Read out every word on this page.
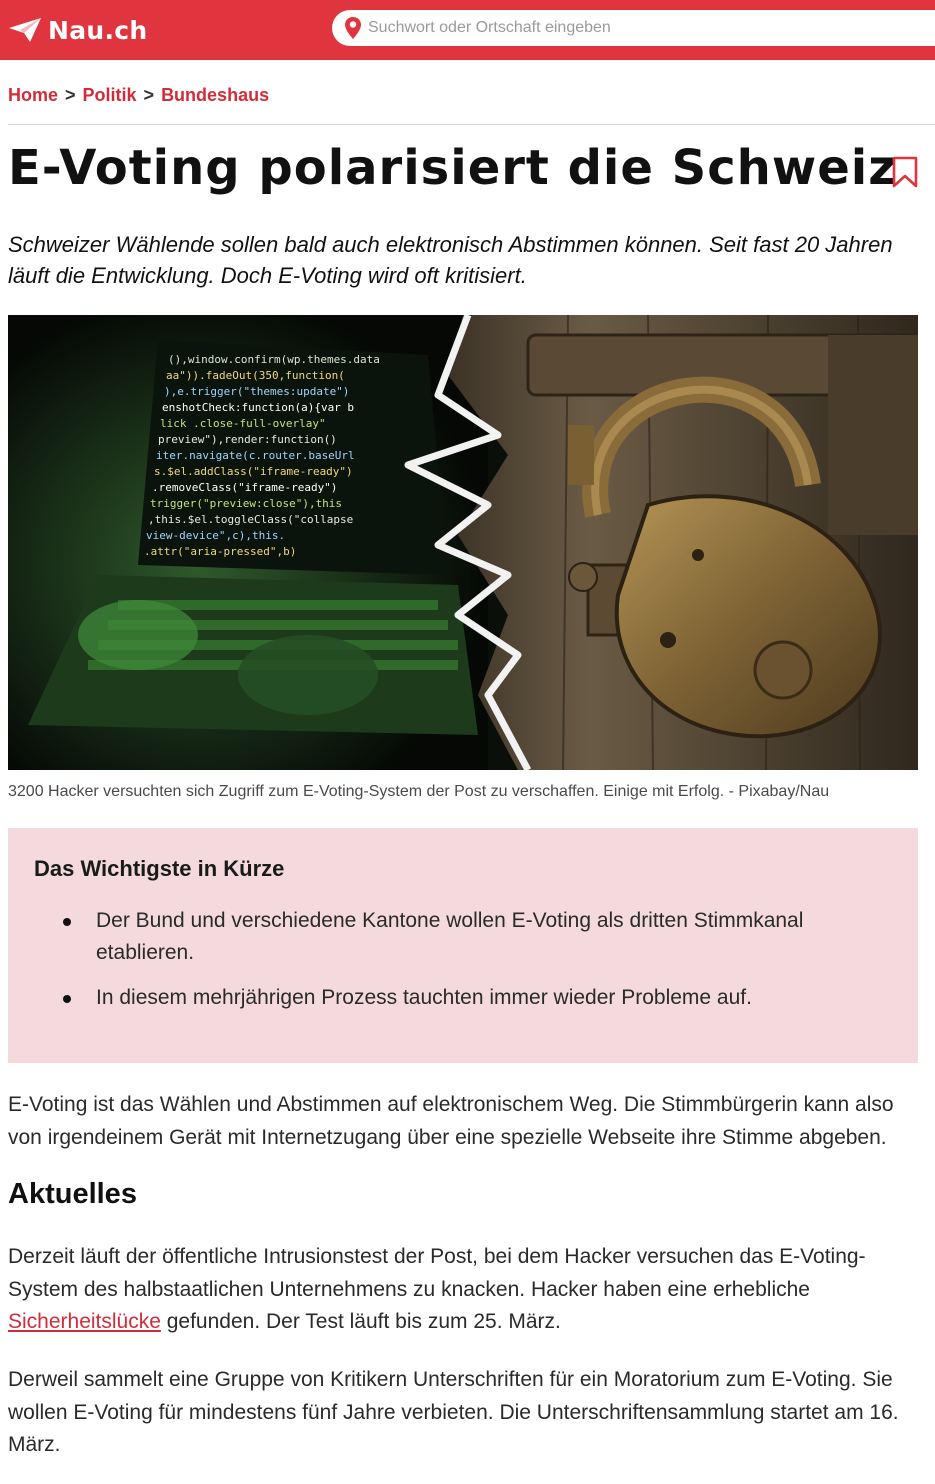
Nau.ch
Suchwort oder Ortschaft eingeben
Home > Politik > Bundeshaus
E-Voting polarisiert die Schweiz

Schweizer Wählende sollen bald auch elektronisch Abstimmen können. Seit fast 20 Jahren läuft die Entwicklung. Doch E-Voting wird oft kritisiert.

(),window.confirm(wp.themes.data
aa")).fadeOut(350,function(
),e.trigger("themes:update")
enshotCheck:function(a){var b
lick .close-full-overlay"
preview"),render:function()
iter.navigate(c.router.baseUrl
s.$el.addClass("iframe-ready")
.removeClass("iframe-ready")
trigger("preview:close"),this
,this.$el.toggleClass("collapse
view-device",c),this.
.attr("aria-pressed",b)

3200 Hacker versuchten sich Zugriff zum E-Voting-System der Post zu verschaffen. Einige mit Erfolg. - Pixabay/Nau

Das Wichtigste in Kürze
Der Bund und verschiedene Kantone wollen E-Voting als dritten Stimmkanal etablieren.
In diesem mehrjährigen Prozess tauchten immer wieder Probleme auf.

E-Voting ist das Wählen und Abstimmen auf elektronischem Weg. Die Stimmbürgerin kann also von irgendeinem Gerät mit Internetzugang über eine spezielle Webseite ihre Stimme abgeben.

Aktuelles

Derzeit läuft der öffentliche Intrusionstest der Post, bei dem Hacker versuchen das E-Voting-System des halbstaatlichen Unternehmens zu knacken. Hacker haben eine erhebliche Sicherheitslücke gefunden. Der Test läuft bis zum 25. März.

Derweil sammelt eine Gruppe von Kritikern Unterschriften für ein Moratorium zum E-Voting. Sie wollen E-Voting für mindestens fünf Jahre verbieten. Die Unterschriftensammlung startet am 16. März.
